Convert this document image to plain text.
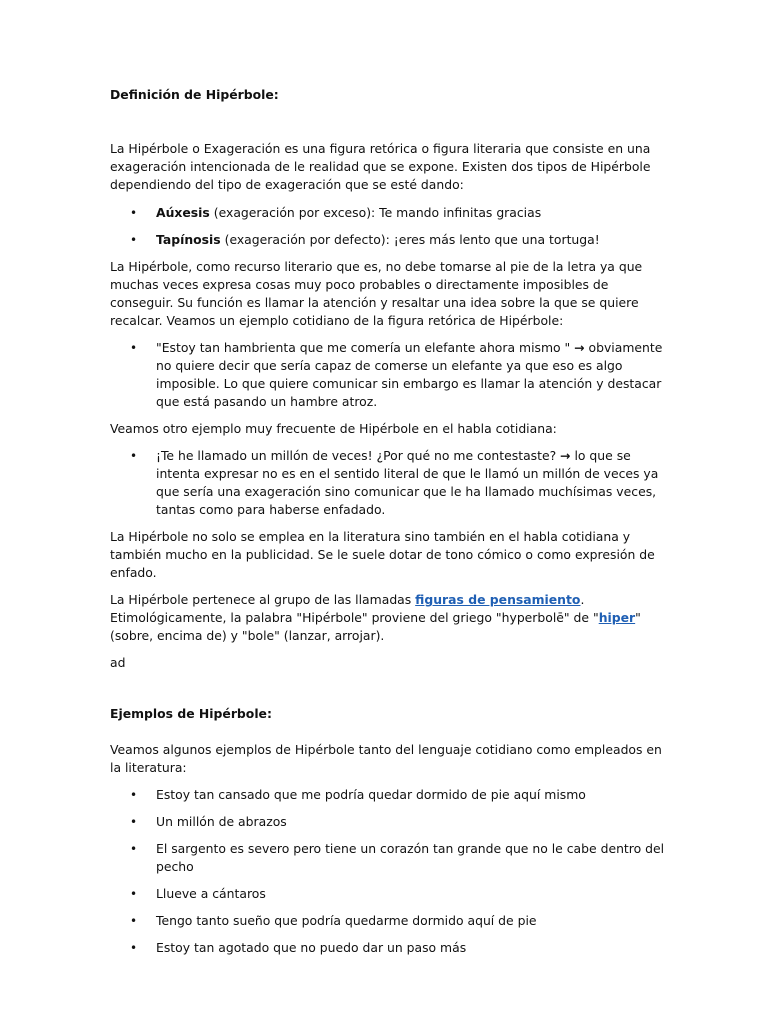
Definición de Hipérbole:

La Hipérbole o Exageración es una figura retórica o figura literaria que consiste en una exageración intencionada de le realidad que se expone. Existen dos tipos de Hipérbole dependiendo del tipo de exageración que se esté dando:

• Aúxesis (exageración por exceso): Te mando infinitas gracias
• Tapínosis (exageración por defecto): ¡eres más lento que una tortuga!

La Hipérbole, como recurso literario que es, no debe tomarse al pie de la letra ya que muchas veces expresa cosas muy poco probables o directamente imposibles de conseguir. Su función es llamar la atención y resaltar una idea sobre la que se quiere recalcar. Veamos un ejemplo cotidiano de la figura retórica de Hipérbole:

• "Estoy tan hambrienta que me comería un elefante ahora mismo " → obviamente no quiere decir que sería capaz de comerse un elefante ya que eso es algo imposible. Lo que quiere comunicar sin embargo es llamar la atención y destacar que está pasando un hambre atroz.

Veamos otro ejemplo muy frecuente de Hipérbole en el habla cotidiana:

• ¡Te he llamado un millón de veces! ¿Por qué no me contestaste? → lo que se intenta expresar no es en el sentido literal de que le llamó un millón de veces ya que sería una exageración sino comunicar que le ha llamado muchísimas veces, tantas como para haberse enfadado.

La Hipérbole no solo se emplea en la literatura sino también en el habla cotidiana y también mucho en la publicidad. Se le suele dotar de tono cómico o como expresión de enfado.

La Hipérbole pertenece al grupo de las llamadas figuras de pensamiento. Etimológicamente, la palabra "Hipérbole" proviene del griego "hyperbolē" de "hiper" (sobre, encima de) y "bole" (lanzar, arrojar).

ad

Ejemplos de Hipérbole:

Veamos algunos ejemplos de Hipérbole tanto del lenguaje cotidiano como empleados en la literatura:

• Estoy tan cansado que me podría quedar dormido de pie aquí mismo
• Un millón de abrazos
• El sargento es severo pero tiene un corazón tan grande que no le cabe dentro del pecho
• Llueve a cántaros
• Tengo tanto sueño que podría quedarme dormido aquí de pie
• Estoy tan agotado que no puedo dar un paso más
